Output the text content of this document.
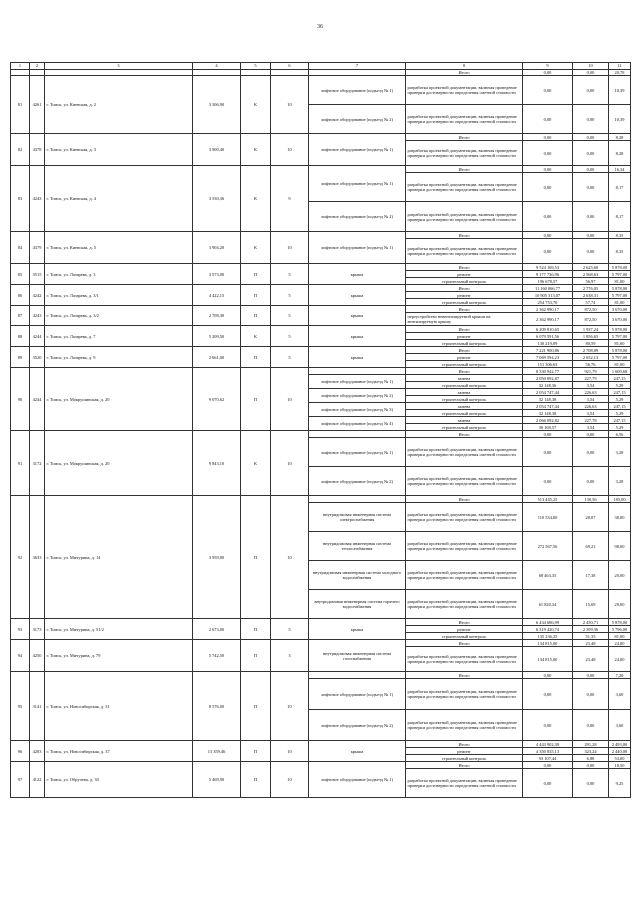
36
1	2	3	4	5	6	7	8	9	10	11
							Итого	0,00	0,00	20,78

81	4261	г. Томск, ул. Киевская, д. 2	3 306,90	К	10	лифтовое оборудование (подъезд № 1)	разработка проектной документации, включая проведение проверки достоверности определения сметной стоимости	0,00	0,00	10,39
						лифтовое оборудование (подъезд № 2)	разработка проектной документации, включая проведение проверки достоверности определения сметной стоимости	0,00	0,00	10,39
82	4378	г. Томск, ул. Киевская, д. 3	3 900,40	К	10	лифтовое оборудование (подъезд № 1)	Итого	0,00	0,00	8,28
							разработка проектной документации, включая проведение проверки достоверности определения сметной стоимости	0,00	0,00	8,28
83	4243	г. Томск, ул. Киевская, д. 4	3 530,36	К	9	лифтовое оборудование (подъезд № 1)	Итого	0,00	0,00	16,34
							разработка проектной документации, включая проведение проверки достоверности определения сметной стоимости	0,00	0,00	8,17
						лифтовое оборудование (подъезд № 2)	разработка проектной документации, включая проведение проверки достоверности определения сметной стоимости	0,00	0,00	8,17
84	4379	г. Томск, ул. Киевская, д. 5	3 904,20	К	10	лифтовое оборудование (подъезд № 1)	Итого	0,00	0,00	8,35
							разработка проектной документации, включая проведение проверки достоверности определения сметной стоимости	0,00	0,00	8,35
85	3515	г. Томск, ул. Лазарева, д. 3	3 573,00	П	5	крыша	Итого	9 524 169,53	2 625,60	5 878,00
							ремонт	9 177 736,96	2 568,63	5 797,00
							строительный контроль	196 678,57	56,97	81,00
86	4242	г. Томск, ул. Лазарева, д. 3/1	4 422,15	П	5	крыша	Итого	11 160 066,77	2 776,05	5 878,00
							ремонт	10 905 313,07	2 638,31	5 797,00
							строительный контроль	254 753,70	57,74	81,00
87	4243	г. Томск, ул. Лазарева, д. 3/2	2 708,30	П	5	крыша	Итого	2 362 990,17	872,50	3 670,00
							переустройство невентилируемой крыши на вентилируемую крышу	2 362 990,17	872,50	3 670,00
88	4244	г. Томск, ул. Лазарева, д. 7	5 209,50	К	5	крыша	Итого	6 209 810,65	1 937,24	5 878,00
							ремонт	6 079 591,56	1 856,65	5 797,00
							строительный контроль	130 219,09	80,59	81,00
89	3520	г. Томск, ул. Лазарева, д. 9	2 661,00	П	5	крыша	Итого	7 221 900,86	2 708,89	5 878,00
							ремонт	7 069 594,23	2 652,13	5 797,00
							строительный контроль	151 306,63	56,76	81,00
90	4244	г. Томск, ул. Мокрушинская, д. 20	9 070,62	П	10		Итого	8 330 942,77	921,79	1 609,68
						лифтовое оборудование (подъезд № 1)	замена	2 050 092,87	227,79	247,15
							строительный контроль	32 148,36	3,54	5,29
						лифтовое оборудование (подъезд № 2)	замена	2 054 747,44	226,63	247,15
							строительный контроль	32 148,38	3,54	5,29
						лифтовое оборудование (подъезд № 3)	замена	2 054 747,44	226,63	247,15
							строительный контроль	32 148,38	3,54	5,29
						лифтовое оборудование (подъезд № 4)	замена	2 066 092,82	227,78	247,15
							строительный контроль	30 169,57	3,54	5,29
91	3172	г. Томск, ул. Мокрушинская, д. 20	9 843,10	К	10		Итого	0,00	0,00	6,56
						лифтовое оборудование (подъезд № 1)	разработка проектной документации, включая проведение проверки достоверности определения сметной стоимости	0,00	0,00	3,28
						лифтовое оборудование (подъезд № 2)	разработка проектной документации, включая проведение проверки достоверности определения сметной стоимости	0,00	0,00	3,28
92	3633	г. Томск, ул. Мичурина, д. 14	3 959,00	П	10		Итого	513 445,25	130,56	185,00
						внутридомовая инженерная система электроснабжения	разработка проектной документации, включая проведение проверки достоверности определения сметной стоимости	110 534,00	28,07	38,00
						внутридомовая инженерная система теплоснабжения	разработка проектной документации, включая проведение проверки достоверности определения сметной стоимости	272 567,56	69,21	98,00
						внутридомовая инженерная система холодного водоснабжения	разработка проектной документации, включая проведение проверки достоверности определения сметной стоимости	68 463,35	17,38	20,00
						внутридомовая инженерная система горячего водоснабжения	разработка проектной документации, включая проведение проверки достоверности определения сметной стоимости	61 820,34	15,69	29,00
93	3173	г. Томск, ул. Мичурина, д. 51/2	2 673,00	П	5	крыша	Итого	6 434 686,99	2 450,71	5 878,00
							ремонт	6 319 420,74	2 399,36	5 796,00
							строительный контроль	135 236,25	51,35	81,00
94	4250	г. Томск, ул. Мичурина, д. 79	5 742,50	П	3	внутридомовая инженерная система газоснабжения	Итого	134 815,00	23,48	24,00
							разработка проектной документации, включая проведение проверки достоверности определения сметной стоимости	134 815,00	23,48	24,00
95	3141	г. Томск, ул. Новосибирская, д. 31	8 576,00	П	10		Итого	0,00	0,00	7,20
						лифтовое оборудование (подъезд № 1)	разработка проектной документации, включая проведение проверки достоверности определения сметной стоимости	0,00	0,00	3,60
						лифтовое оборудование (подъезд № 2)	разработка проектной документации, включая проведение проверки достоверности определения сметной стоимости	0,00	0,00	3,60
96	4203	г. Томск, ул. Новосибирская, д. 37	13 359,46	П	10	крыша	Итого	4 443 902,39	291,28	2 493,00
							ремонт	4 350 835,13	323,24	2 440,00
							строительный контроль	93 107,44	6,88	53,00
97	4122	г. Томск, ул. Обручева, д. 30	5 469,90	П	10	лифтовое оборудование (подъезд № 1)	Итого	0,00	0,00	18,50
							разработка проектной документации, включая проведение проверки достоверности определения сметной стоимости	0,00	0,00	9,25
